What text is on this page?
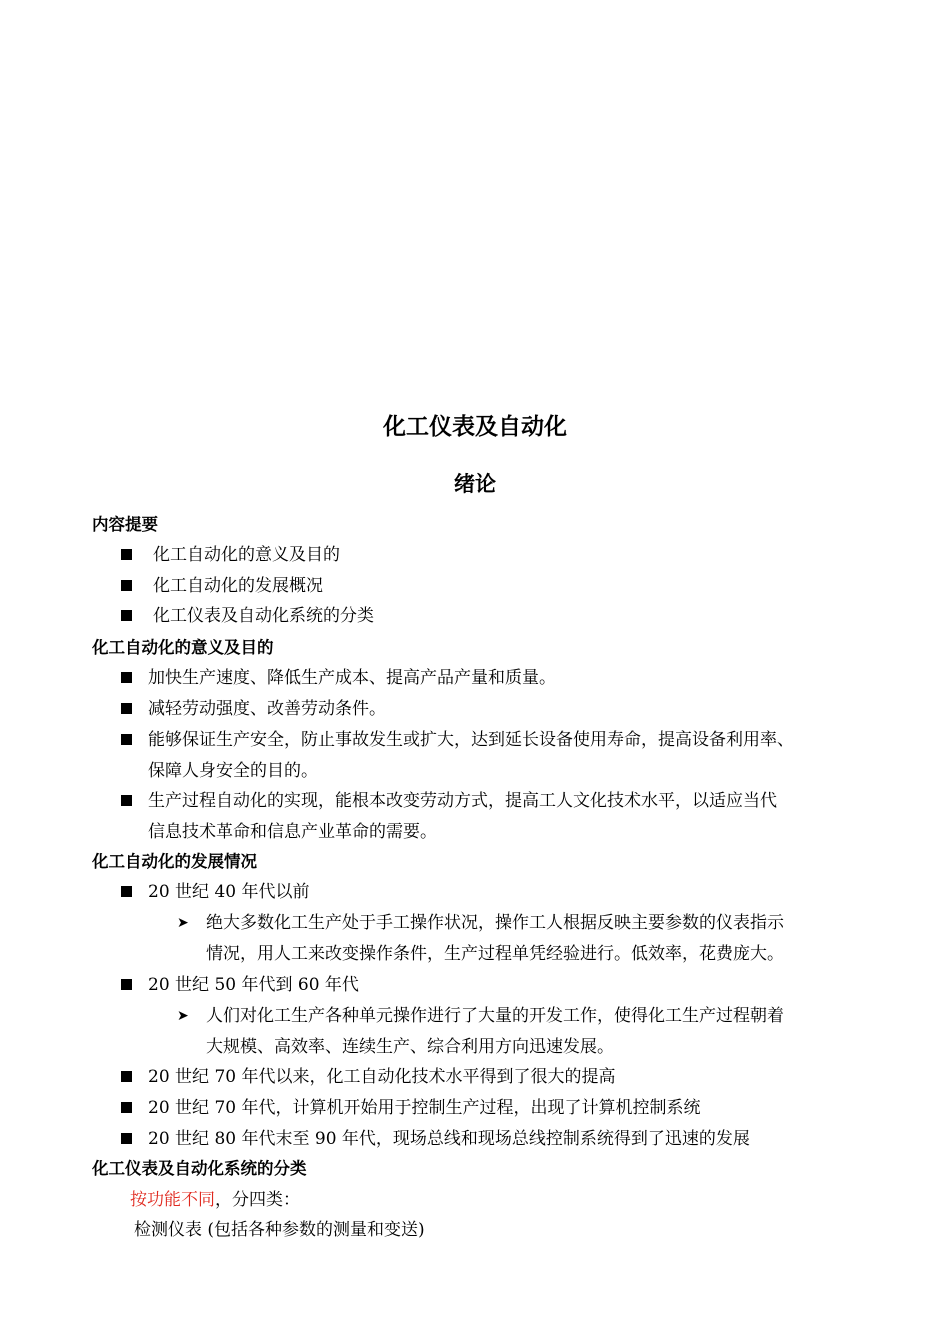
化工仪表及自动化
绪论
内容提要
化工自动化的意义及目的
化工自动化的发展概况
化工仪表及自动化系统的分类
化工自动化的意义及目的
加快生产速度、降低生产成本、提高产品产量和质量。
减轻劳动强度、改善劳动条件。
能够保证生产安全，防止事故发生或扩大，达到延长设备使用寿命，提高设备利用率、
保障人身安全的目的。
生产过程自动化的实现，能根本改变劳动方式，提高工人文化技术水平，以适应当代
信息技术革命和信息产业革命的需要。
化工自动化的发展情况
20 世纪 40 年代以前
➤ 绝大多数化工生产处于手工操作状况，操作工人根据反映主要参数的仪表指示
情况，用人工来改变操作条件，生产过程单凭经验进行。低效率，花费庞大。
20 世纪 50 年代到 60 年代
➤ 人们对化工生产各种单元操作进行了大量的开发工作，使得化工生产过程朝着
大规模、高效率、连续生产、综合利用方向迅速发展。
20 世纪 70 年代以来，化工自动化技术水平得到了很大的提高
20 世纪 70 年代，计算机开始用于控制生产过程，出现了计算机控制系统
20 世纪 80 年代末至 90 年代，现场总线和现场总线控制系统得到了迅速的发展
化工仪表及自动化系统的分类
按功能不同，分四类：
检测仪表 (包括各种参数的测量和变送)
